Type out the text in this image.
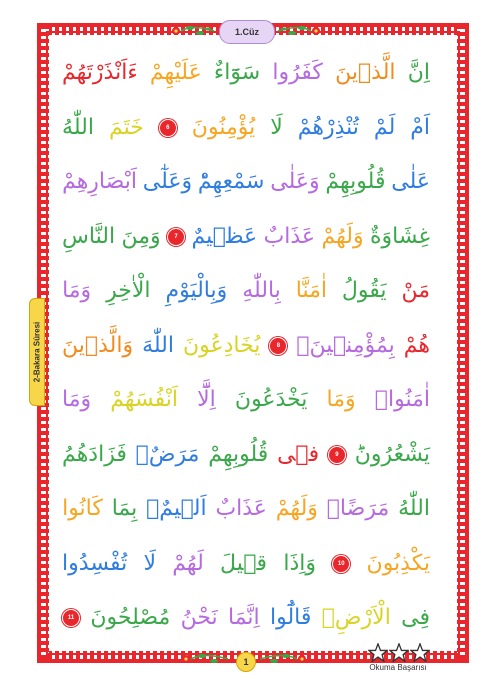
1.Cüz
2-Bakara Sûresi
اِنَّ
الَّذٖينَ
كَفَرُوا
سَوَٓاءٌ
عَلَيْهِمْ
ءَاَنْذَرْتَهُمْ
اَمْ
لَمْ
تُنْذِرْهُمْ
لَا
يُؤْمِنُونَ
6
خَتَمَ
اللّٰهُ
عَلٰى
قُلُوبِهِمْ
وَعَلٰى
سَمْعِهِمْؕ
وَعَلٰٓى
اَبْصَارِهِمْ
غِشَاوَةٌ
وَلَهُمْ
عَذَابٌ
عَظٖيمٌ
7
وَمِنَ
النَّاسِ
مَنْ
يَقُولُ
اٰمَنَّا
بِاللّٰهِ
وَبِالْيَوْمِ
الْاٰخِرِ
وَمَا
هُمْ
بِمُؤْمِنٖينَۘ
8
يُخَادِعُونَ
اللّٰهَ
وَالَّذٖينَ
اٰمَنُواۚ
وَمَا
يَخْدَعُونَ
اِلَّٓا
اَنْفُسَهُمْ
وَمَا
يَشْعُرُونَؕ
9
فٖى
قُلُوبِهِمْ
مَرَضٌۙ
فَزَادَهُمُ
اللّٰهُ
مَرَضًاۚ
وَلَهُمْ
عَذَابٌ
اَلٖيمٌۙ
بِمَا
كَانُوا
يَكْذِبُونَ
10
وَاِذَا
قٖيلَ
لَهُمْ
لَا
تُفْسِدُوا
فِى
الْاَرْضِۙ
قَالُٓوا
اِنَّمَا
نَحْنُ
مُصْلِحُونَ
11
1
Okuma Başarısı
